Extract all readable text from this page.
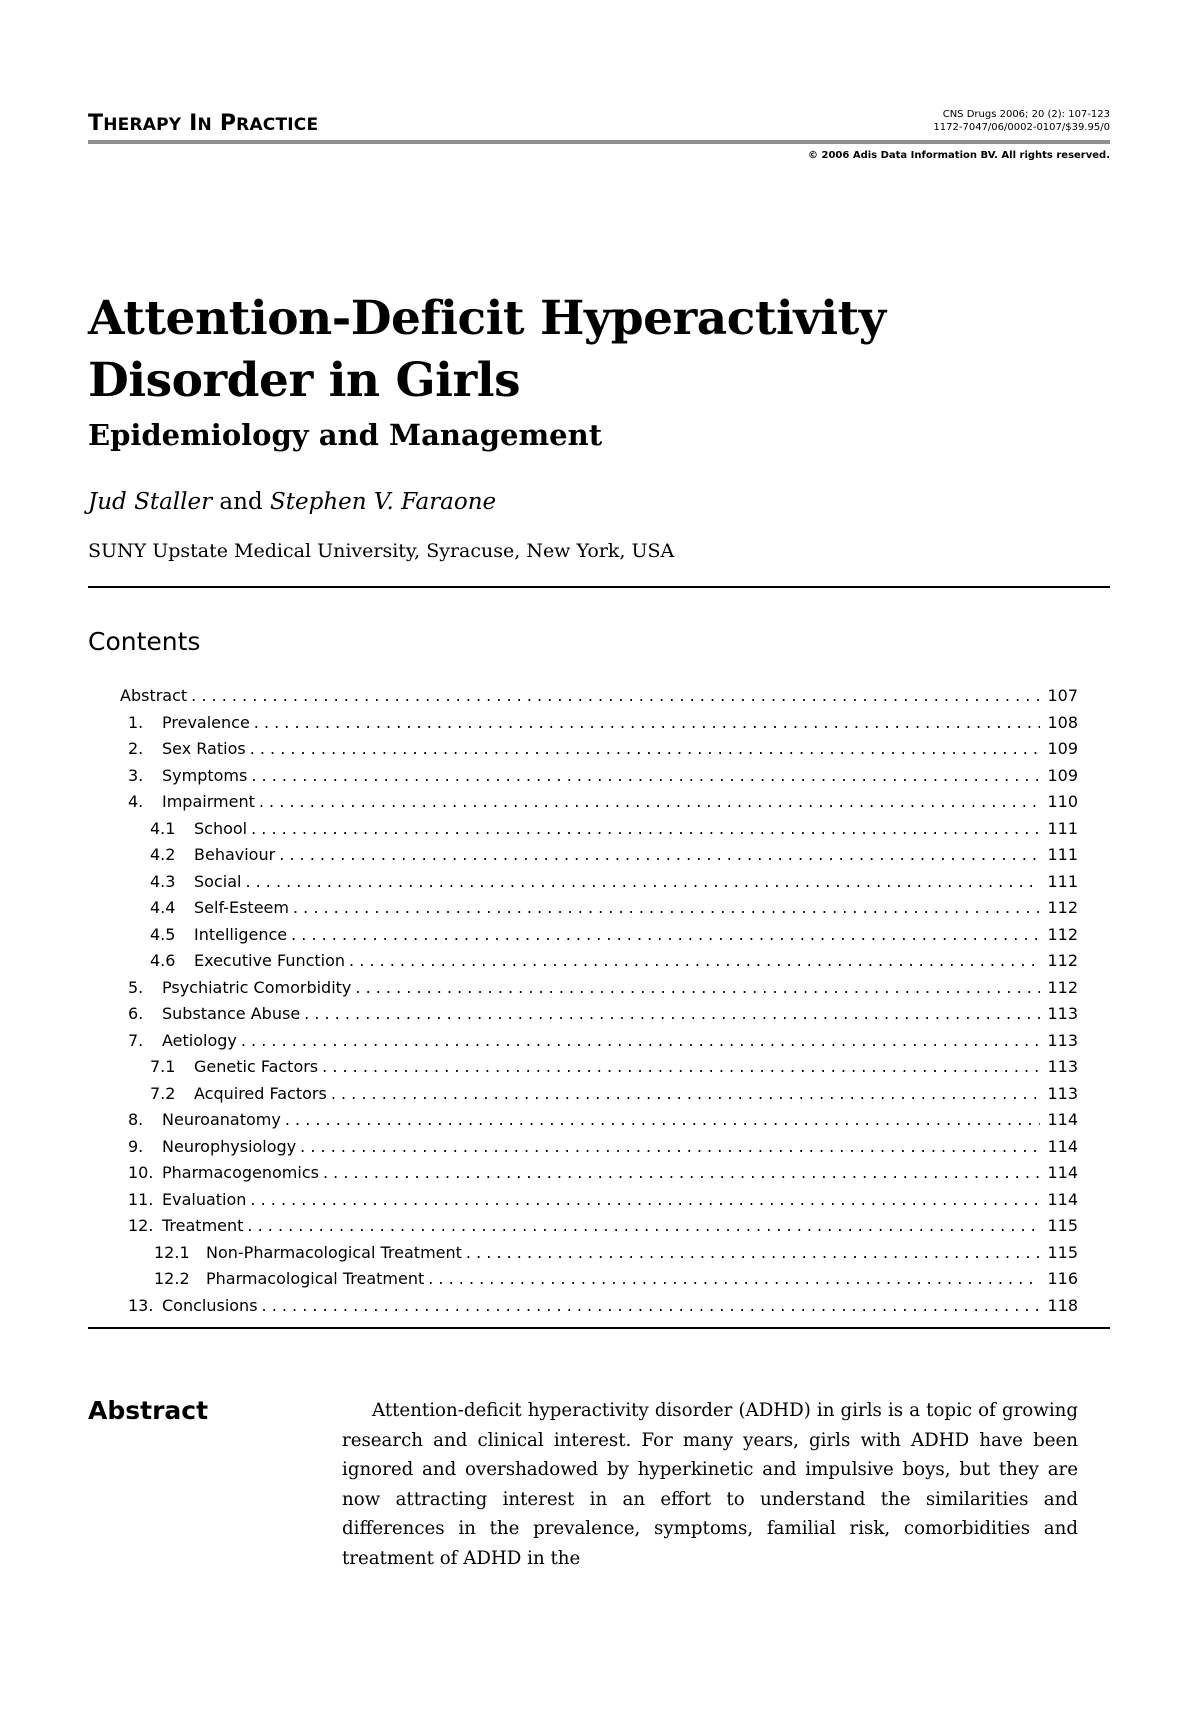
THERAPY IN PRACTICE
CNS Drugs 2006; 20 (2): 107-123
1172-7047/06/0002-0107/$39.95/0
© 2006 Adis Data Information BV. All rights reserved.
Attention-Deficit Hyperactivity Disorder in Girls
Epidemiology and Management
Jud Staller and Stephen V. Faraone
SUNY Upstate Medical University, Syracuse, New York, USA
Contents
Abstract . . .	107
1.	Prevalence . . .	108
2.	Sex Ratios . . .	109
3.	Symptoms . . .	109
4.	Impairment . . .	110
4.1	School . . .	111
4.2	Behaviour . . .	111
4.3	Social . . .	111
4.4	Self-Esteem . . .	112
4.5	Intelligence . . .	112
4.6	Executive Function . . .	112
5.	Psychiatric Comorbidity . . .	112
6.	Substance Abuse . . .	113
7.	Aetiology . . .	113
7.1	Genetic Factors . . .	113
7.2	Acquired Factors . . .	113
8.	Neuroanatomy . . .	114
9.	Neurophysiology . . .	114
10. Pharmacogenomics . . .	114
11. Evaluation . . .	114
12. Treatment . . .	115
12.1	Non-Pharmacological Treatment . . .	115
12.2	Pharmacological Treatment . . .	116
13. Conclusions . . .	118
Abstract	Attention-deficit hyperactivity disorder (ADHD) in girls is a topic of growing research and clinical interest. For many years, girls with ADHD have been ignored and overshadowed by hyperkinetic and impulsive boys, but they are now attracting interest in an effort to understand the similarities and differences in the prevalence, symptoms, familial risk, comorbidities and treatment of ADHD in the
